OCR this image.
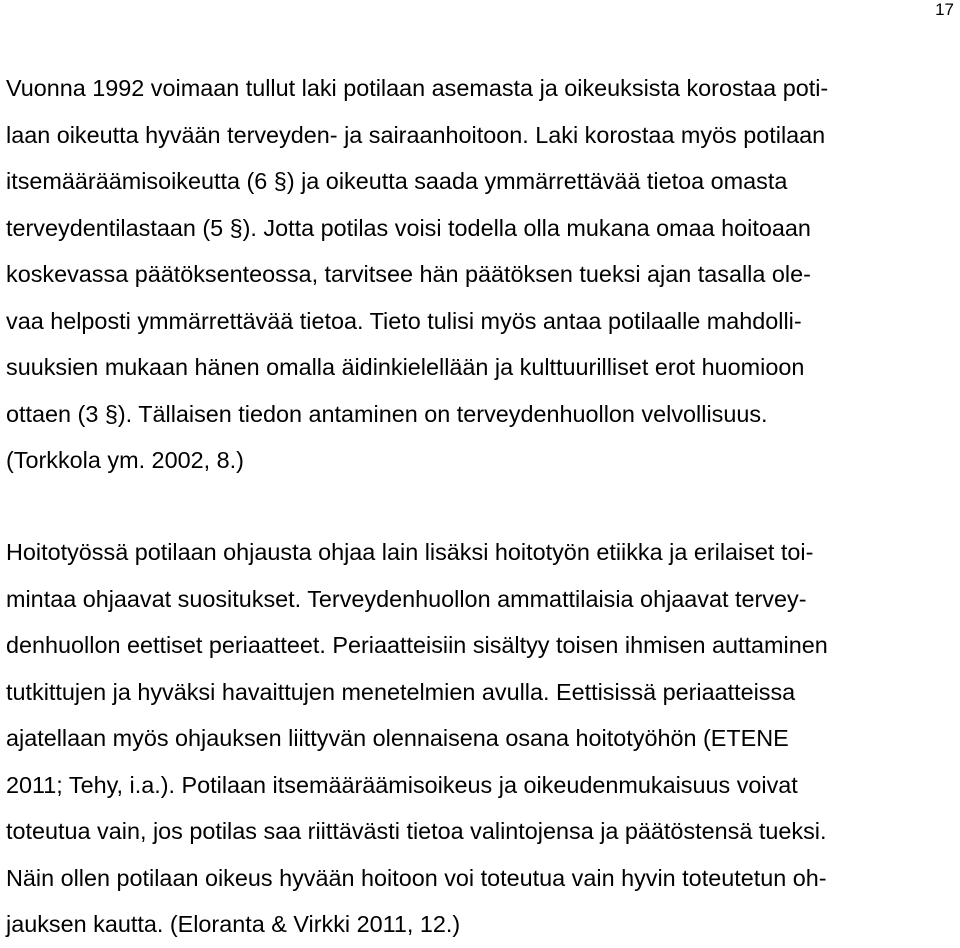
17
Vuonna 1992 voimaan tullut laki potilaan asemasta ja oikeuksista korostaa poti-
laan oikeutta hyvään terveyden- ja sairaanhoitoon. Laki korostaa myös potilaan
itsemääräämisoikeutta (6 §) ja oikeutta saada ymmärrettävää tietoa omasta
terveydentilastaan (5 §). Jotta potilas voisi todella olla mukana omaa hoitoaan
koskevassa päätöksenteossa, tarvitsee hän päätöksen tueksi ajan tasalla ole-
vaa helposti ymmärrettävää tietoa. Tieto tulisi myös antaa potilaalle mahdolli-
suuksien mukaan hänen omalla äidinkielellään ja kulttuurilliset erot huomioon
ottaen (3 §). Tällaisen tiedon antaminen on terveydenhuollon velvollisuus.
(Torkkola ym. 2002, 8.)
Hoitotyössä potilaan ohjausta ohjaa lain lisäksi hoitotyön etiikka ja erilaiset toi-
mintaa ohjaavat suositukset. Terveydenhuollon ammattilaisia ohjaavat tervey-
denhuollon eettiset periaatteet. Periaatteisiin sisältyy toisen ihmisen auttaminen
tutkittujen ja hyväksi havaittujen menetelmien avulla. Eettisissä periaatteissa
ajatellaan myös ohjauksen liittyvän olennaisena osana hoitotyöhön (ETENE
2011; Tehy, i.a.). Potilaan itsemääräämisoikeus ja oikeudenmukaisuus voivat
toteutua vain, jos potilas saa riittävästi tietoa valintojensa ja päätöstensä tueksi.
Näin ollen potilaan oikeus hyvään hoitoon voi toteutua vain hyvin toteutetun oh-
jauksen kautta. (Eloranta & Virkki 2011, 12.)
